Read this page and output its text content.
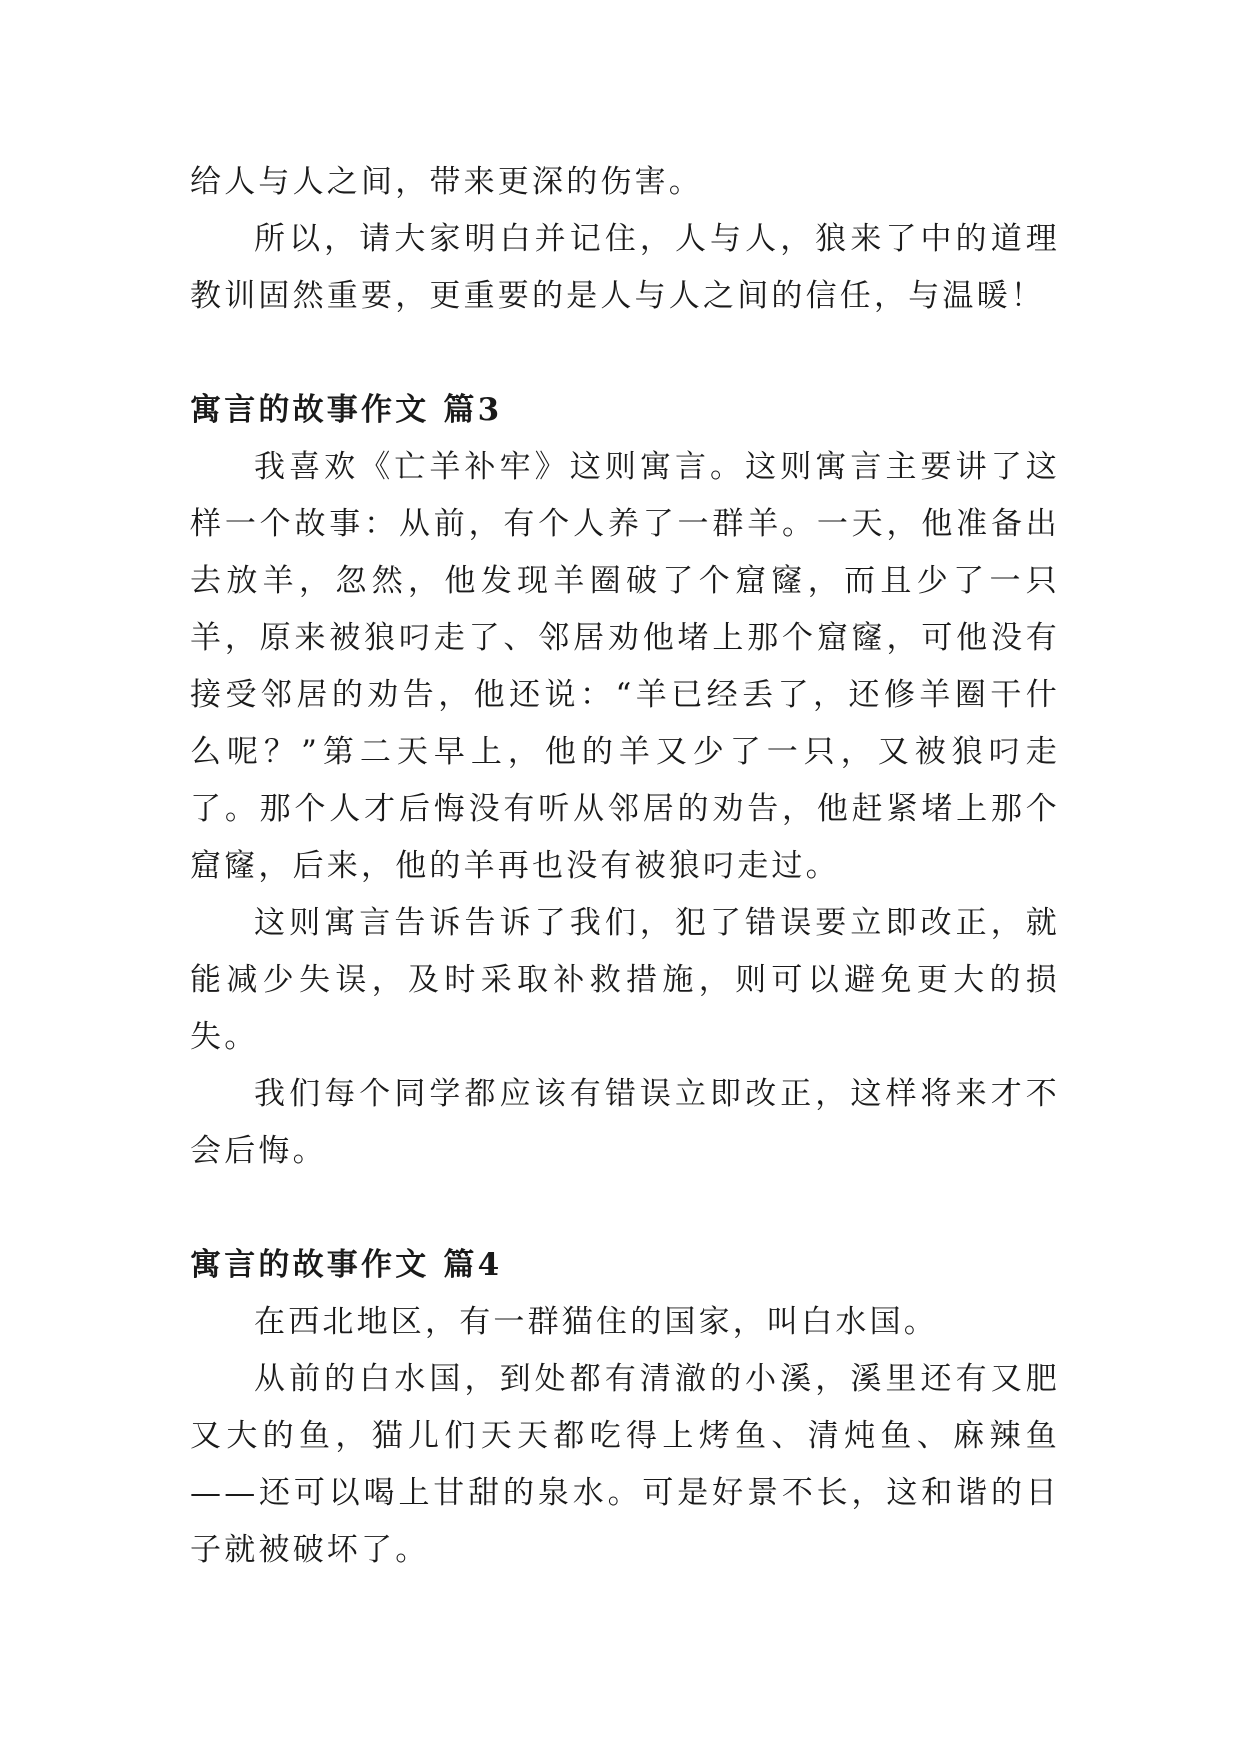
给人与人之间，带来更深的伤害。

所以，请大家明白并记住，人与人，狼来了中的道理教训固然重要，更重要的是人与人之间的信任，与温暖！

寓言的故事作文 篇3

我喜欢《亡羊补牢》这则寓言。这则寓言主要讲了这样一个故事：从前，有个人养了一群羊。一天，他准备出去放羊，忽然，他发现羊圈破了个窟窿，而且少了一只羊，原来被狼叼走了、邻居劝他堵上那个窟窿，可他没有接受邻居的劝告，他还说：“羊已经丢了，还修羊圈干什么呢？”第二天早上，他的羊又少了一只，又被狼叼走了。那个人才后悔没有听从邻居的劝告，他赶紧堵上那个窟窿，后来，他的羊再也没有被狼叼走过。

这则寓言告诉告诉了我们，犯了错误要立即改正，就能减少失误，及时采取补救措施，则可以避免更大的损失。

我们每个同学都应该有错误立即改正，这样将来才不会后悔。

寓言的故事作文 篇4

在西北地区，有一群猫住的国家，叫白水国。

从前的白水国，到处都有清澈的小溪，溪里还有又肥又大的鱼，猫儿们天天都吃得上烤鱼、清炖鱼、麻辣鱼——还可以喝上甘甜的泉水。可是好景不长，这和谐的日子就被破坏了。
